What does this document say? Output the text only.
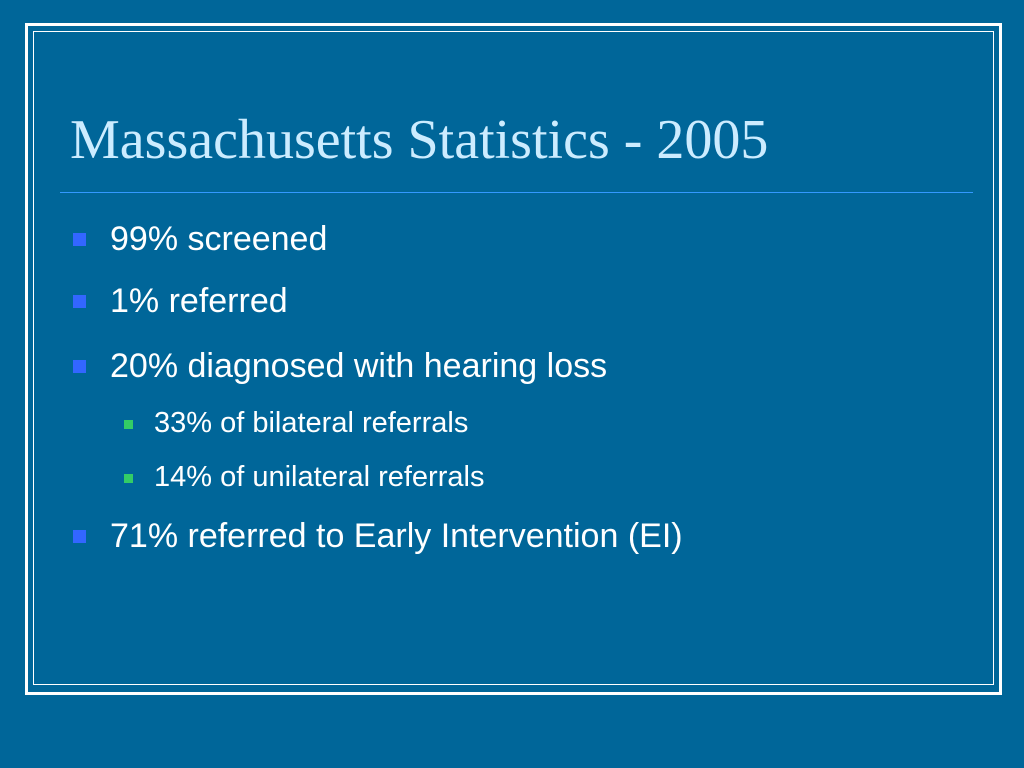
Massachusetts Statistics - 2005
99% screened
1% referred
20% diagnosed with hearing loss
33% of bilateral referrals
14% of unilateral referrals
71% referred to Early Intervention (EI)
